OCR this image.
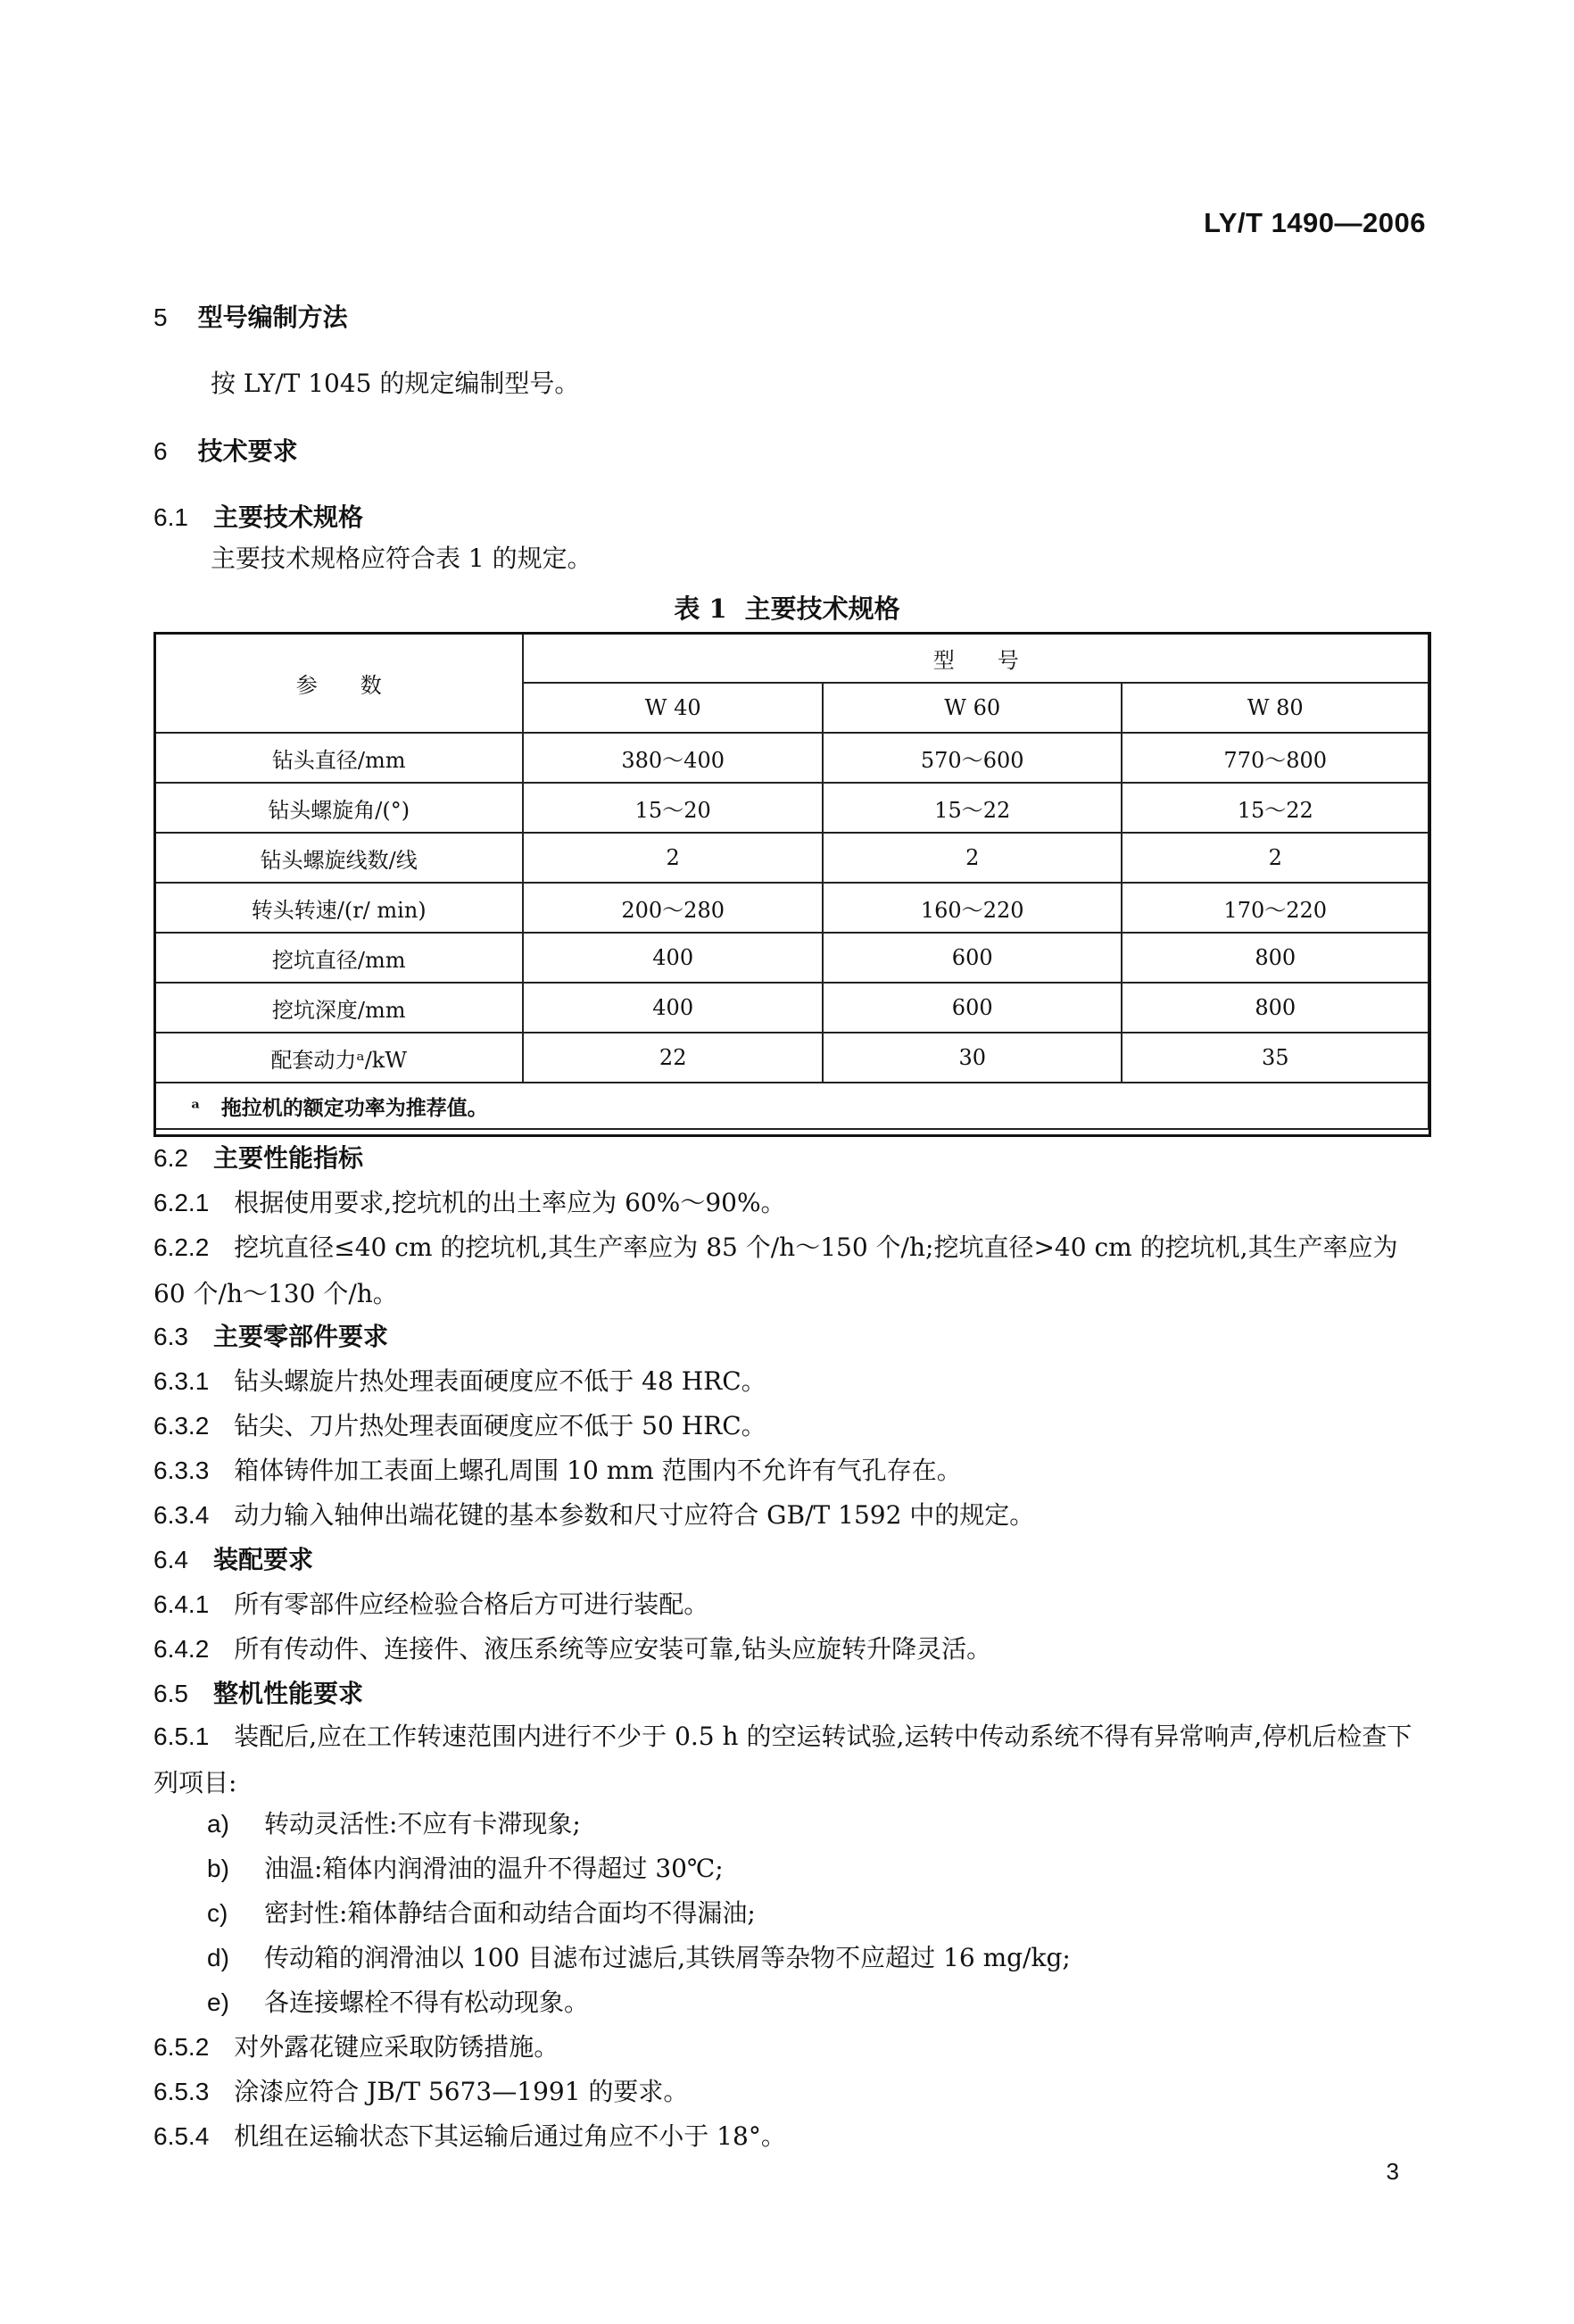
LY/T 1490—2006
5 型号编制方法
按 LY/T 1045 的规定编制型号。
6 技术要求
6.1 主要技术规格
主要技术规格应符合表 1 的规定。
表 1 主要技术规格
参　　数	型　　号		
	W 40	W 60	W 80
钻头直径/mm	380～400	570～600	770～800
钻头螺旋角/(°)	15～20	15～22	15～22
钻头螺旋线数/线	2	2	2
转头转速/(r/ min)	200～280	160～220	170～220
挖坑直径/mm	400	600	800
挖坑深度/mm	400	600	800
配套动力ᵃ/kW	22	30	35
ᵃ　拖拉机的额定功率为推荐值。			
6.2 主要性能指标
6.2.1 根据使用要求,挖坑机的出土率应为 60%～90%。
6.2.2 挖坑直径≤40 cm 的挖坑机,其生产率应为 85 个/h～150 个/h;挖坑直径>40 cm 的挖坑机,其生产率应为 60 个/h～130 个/h。
6.3 主要零部件要求
6.3.1 钻头螺旋片热处理表面硬度应不低于 48 HRC。
6.3.2 钻尖、刀片热处理表面硬度应不低于 50 HRC。
6.3.3 箱体铸件加工表面上螺孔周围 10 mm 范围内不允许有气孔存在。
6.3.4 动力输入轴伸出端花键的基本参数和尺寸应符合 GB/T 1592 中的规定。
6.4 装配要求
6.4.1 所有零部件应经检验合格后方可进行装配。
6.4.2 所有传动件、连接件、液压系统等应安装可靠,钻头应旋转升降灵活。
6.5 整机性能要求
6.5.1 装配后,应在工作转速范围内进行不少于 0.5 h 的空运转试验,运转中传动系统不得有异常响声,停机后检查下列项目:
a) 转动灵活性:不应有卡滞现象;
b) 油温:箱体内润滑油的温升不得超过 30℃;
c) 密封性:箱体静结合面和动结合面均不得漏油;
d) 传动箱的润滑油以 100 目滤布过滤后,其铁屑等杂物不应超过 16 mg/kg;
e) 各连接螺栓不得有松动现象。
6.5.2 对外露花键应采取防锈措施。
6.5.3 涂漆应符合 JB/T 5673—1991 的要求。
6.5.4 机组在运输状态下其运输后通过角应不小于 18°。
3
